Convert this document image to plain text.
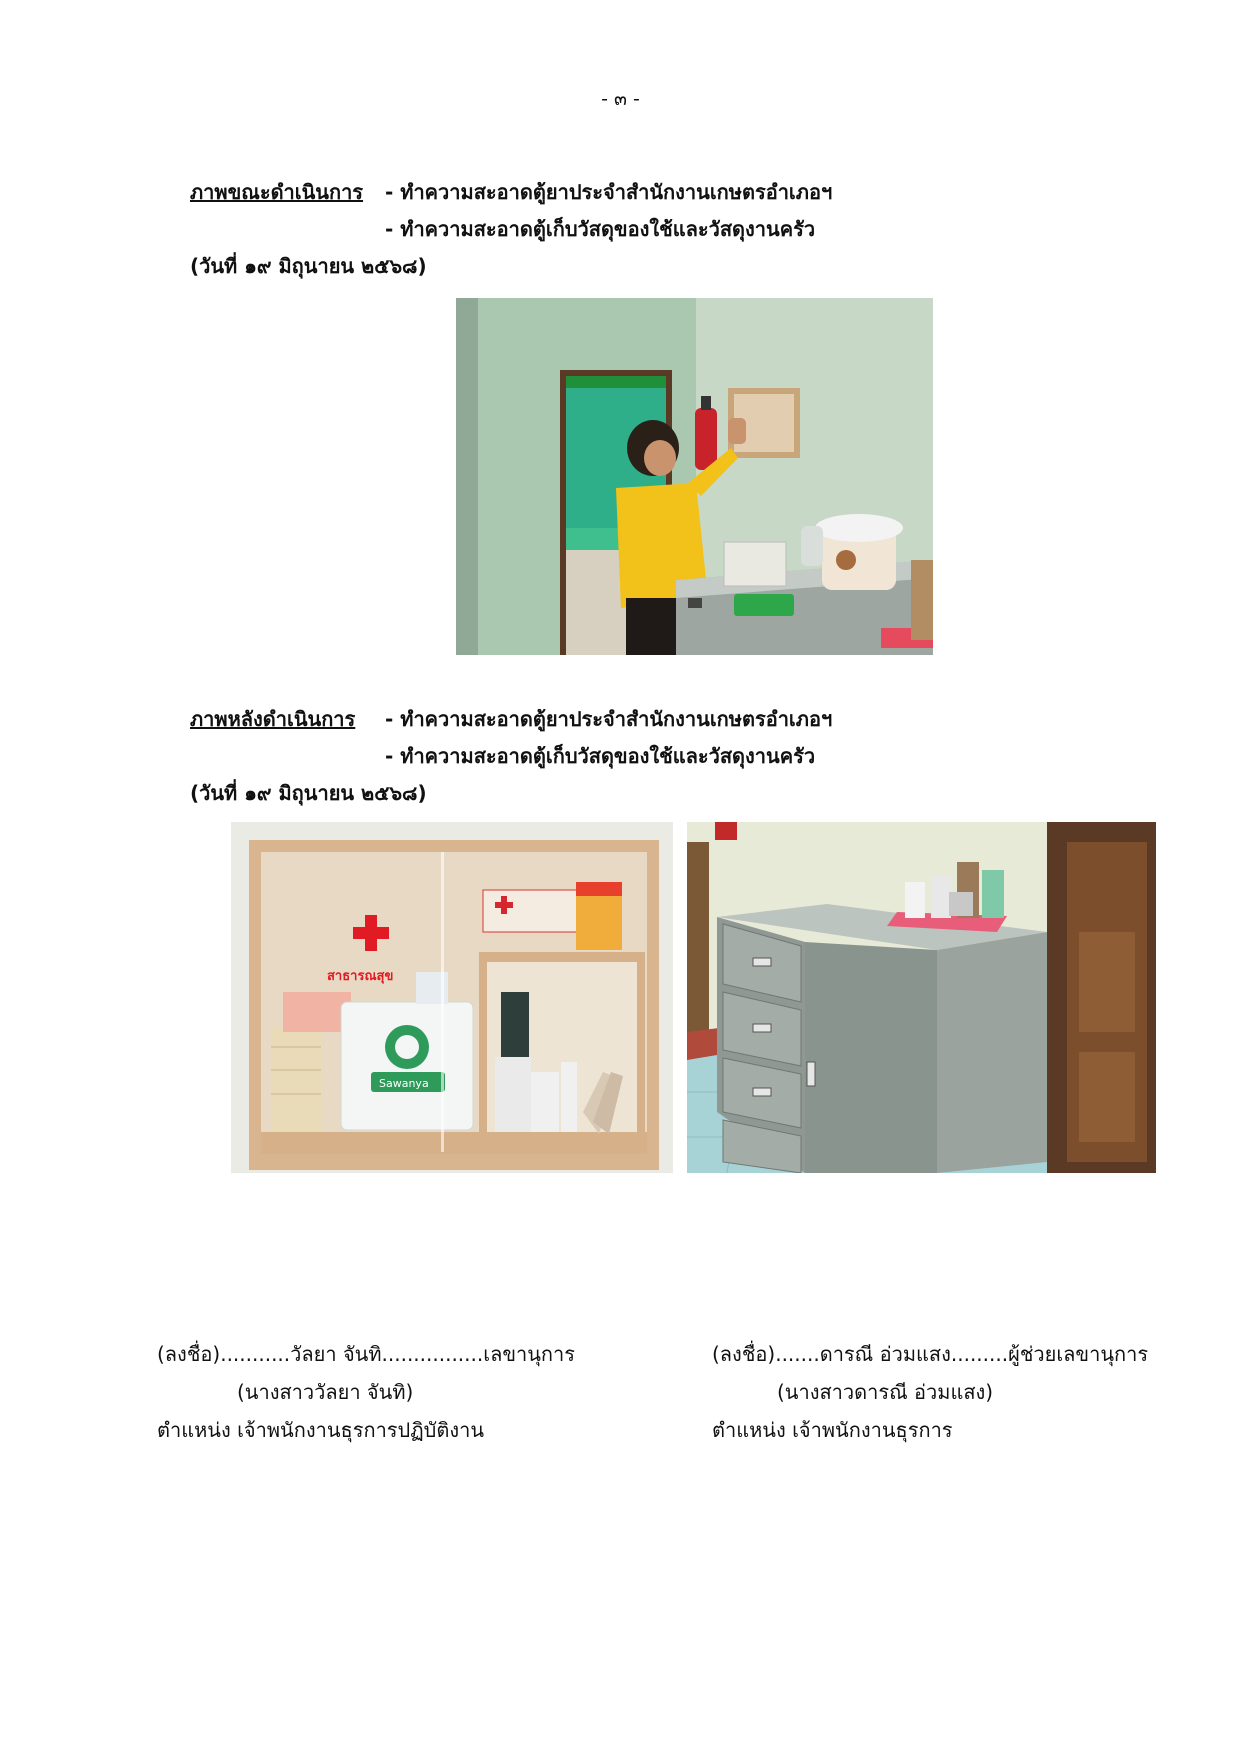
- ๓ -
ภาพขณะดำเนินการ - ทำความสะอาดตู้ยาประจำสำนักงานเกษตรอำเภอฯ
- ทำความสะอาดตู้เก็บวัสดุของใช้และวัสดุงานครัว
(วันที่ ๑๙ มิถุนายน ๒๕๖๘)
ภาพหลังดำเนินการ - ทำความสะอาดตู้ยาประจำสำนักงานเกษตรอำเภอฯ
- ทำความสะอาดตู้เก็บวัสดุของใช้และวัสดุงานครัว
(วันที่ ๑๙ มิถุนายน ๒๕๖๘)
สาธารณสุข
Sawanya
(ลงชื่อ)...........วัลยา จันทิ................เลขานุการ
(นางสาววัลยา จันทิ)
ตำแหน่ง เจ้าพนักงานธุรการปฏิบัติงาน
(ลงชื่อ).......ดารณี อ่วมแสง.........ผู้ช่วยเลขานุการ
(นางสาวดารณี อ่วมแสง)
ตำแหน่ง เจ้าพนักงานธุรการ
